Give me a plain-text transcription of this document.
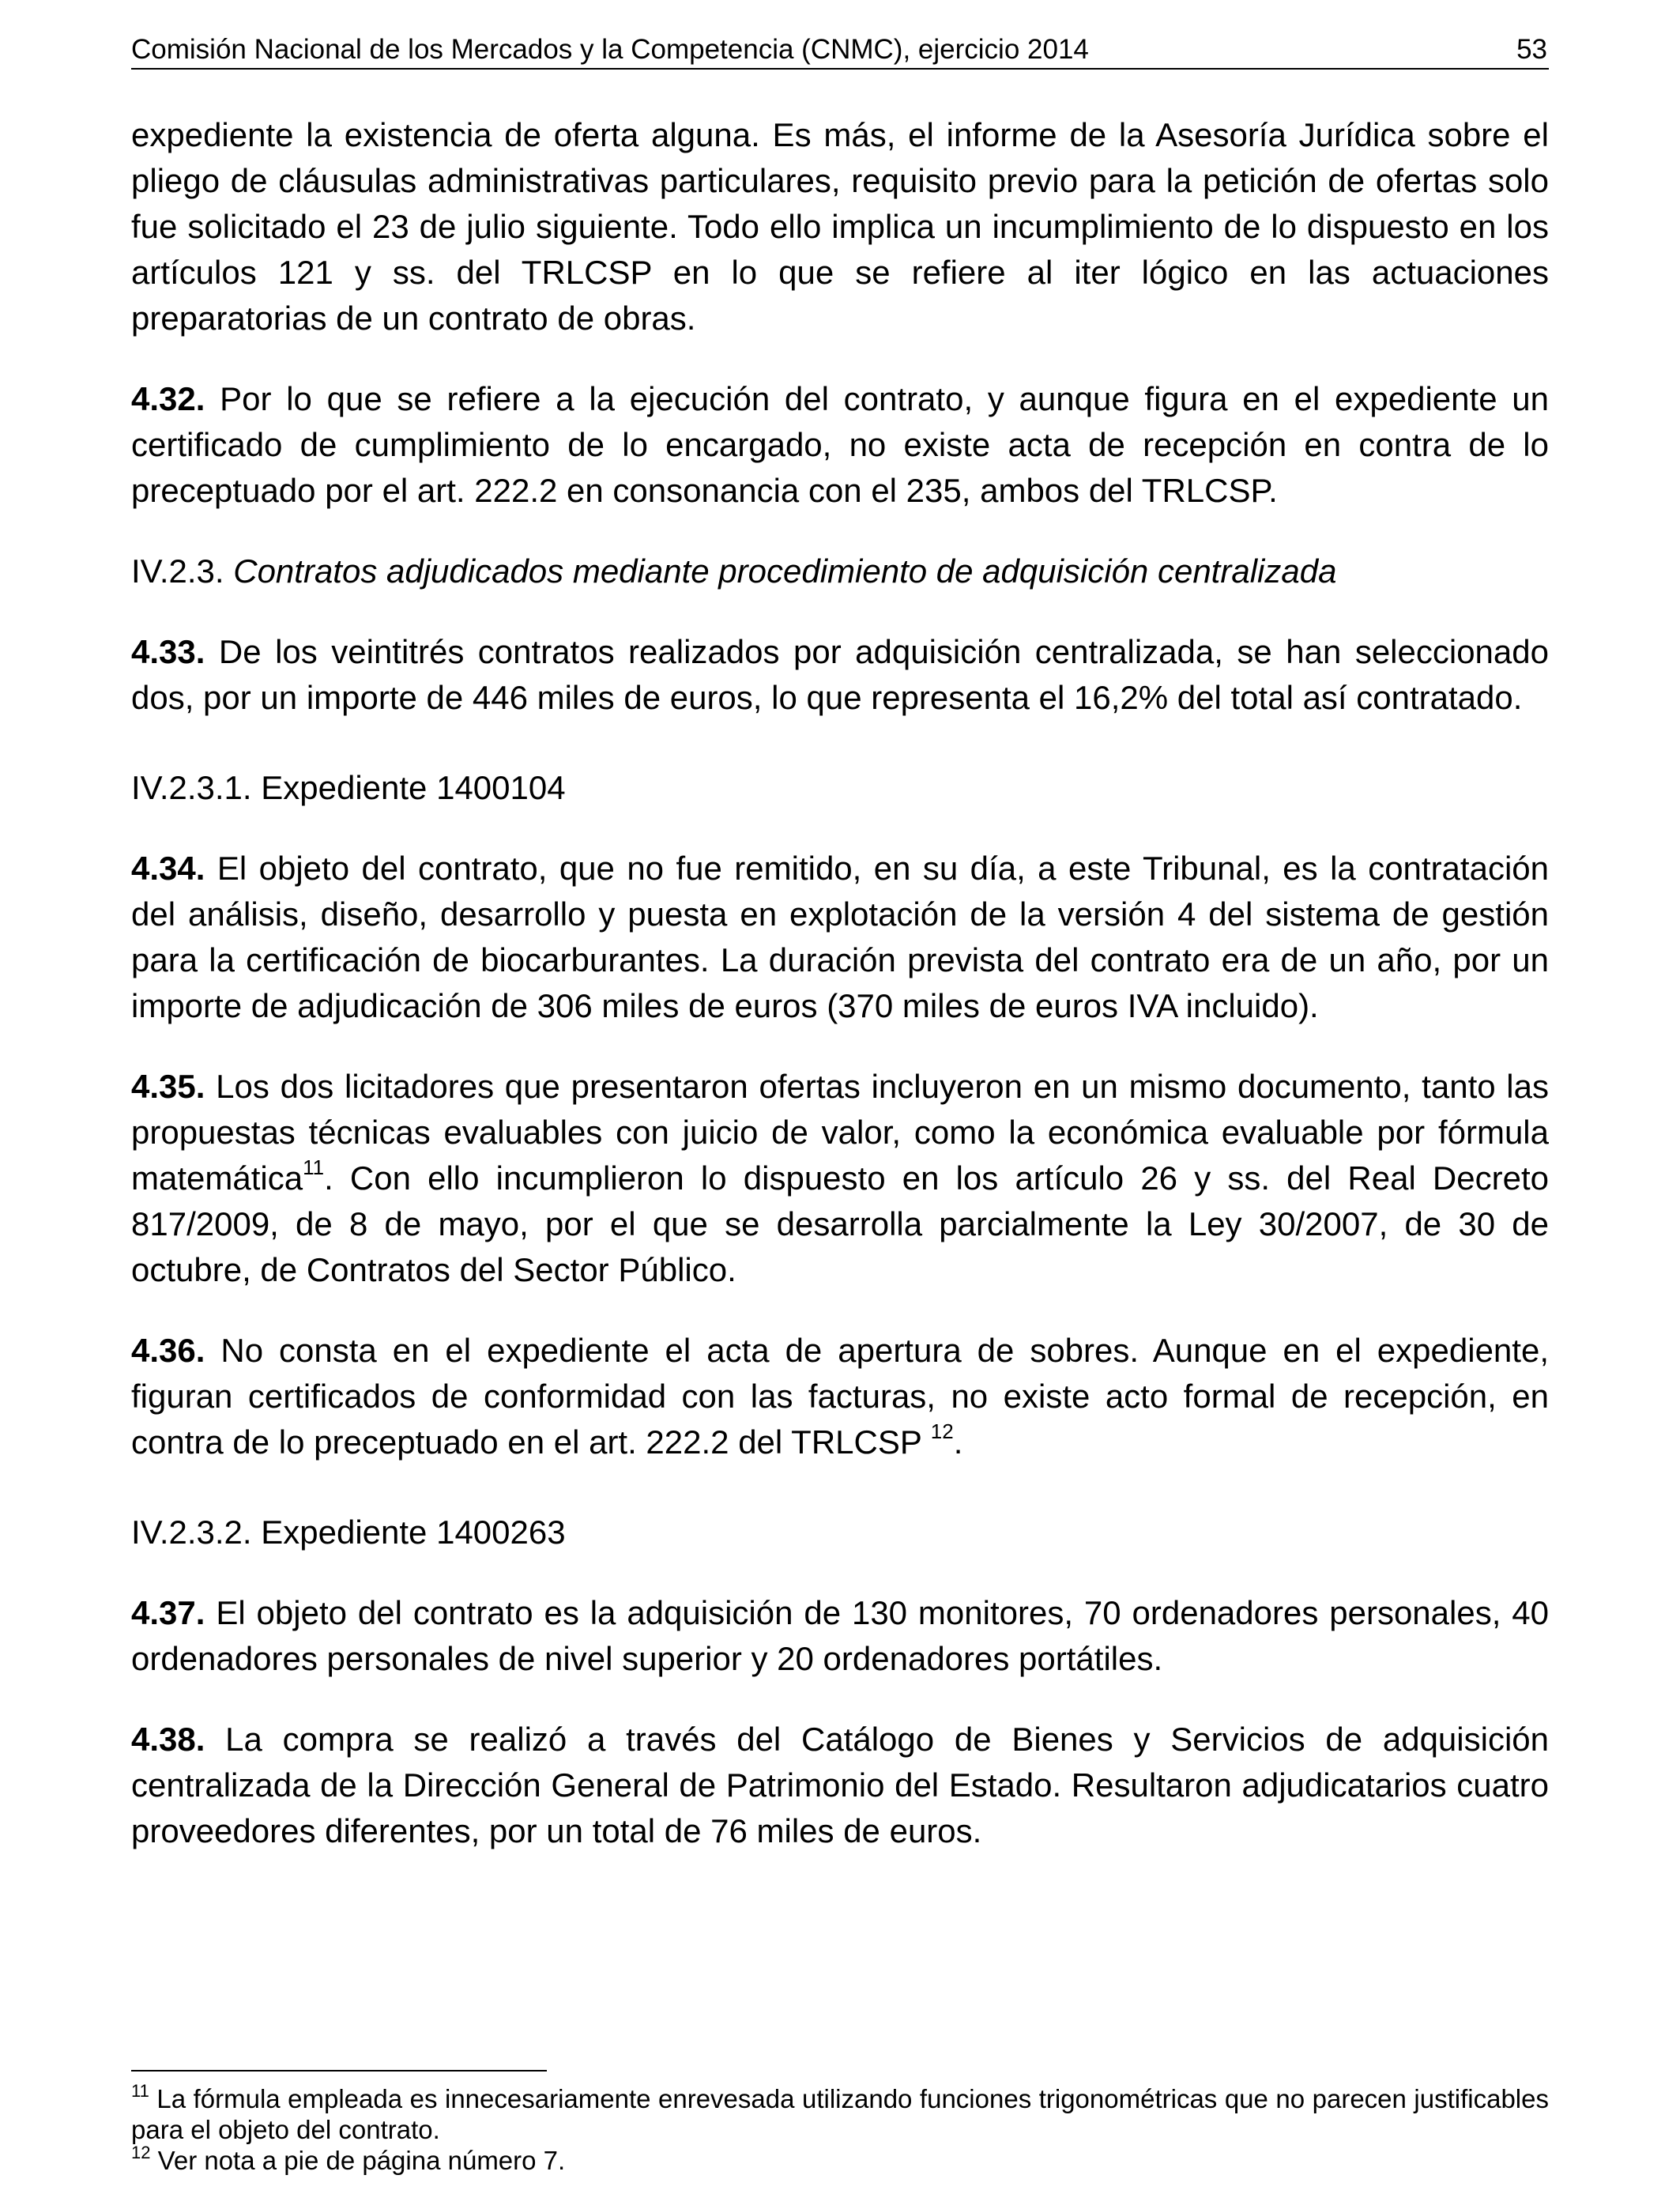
Comisión Nacional de los Mercados y la Competencia (CNMC), ejercicio 2014	53

expediente la existencia de oferta alguna. Es más, el informe de la Asesoría Jurídica sobre el pliego de cláusulas administrativas particulares, requisito previo para la petición de ofertas solo fue solicitado el 23 de julio siguiente. Todo ello implica un incumplimiento de lo dispuesto en los artículos 121 y ss. del TRLCSP en lo que se refiere al iter lógico en las actuaciones preparatorias de un contrato de obras.

4.32. Por lo que se refiere a la ejecución del contrato, y aunque figura en el expediente un certificado de cumplimiento de lo encargado, no existe acta de recepción en contra de lo preceptuado por el art. 222.2 en consonancia con el 235, ambos del TRLCSP.

IV.2.3. Contratos adjudicados mediante procedimiento de adquisición centralizada

4.33. De los veintitrés contratos realizados por adquisición centralizada, se han seleccionado dos, por un importe de 446 miles de euros, lo que representa el 16,2% del total así contratado.

IV.2.3.1. Expediente 1400104

4.34. El objeto del contrato, que no fue remitido, en su día, a este Tribunal, es la contratación del análisis, diseño, desarrollo y puesta en explotación de la versión 4 del sistema de gestión para la certificación de biocarburantes. La duración prevista del contrato era de un año, por un importe de adjudicación de 306 miles de euros (370 miles de euros IVA incluido).

4.35. Los dos licitadores que presentaron ofertas incluyeron en un mismo documento, tanto las propuestas técnicas evaluables con juicio de valor, como la económica evaluable por fórmula matemática$^{11}$. Con ello incumplieron lo dispuesto en los artículo 26 y ss. del Real Decreto 817/2009, de 8 de mayo, por el que se desarrolla parcialmente la Ley 30/2007, de 30 de octubre, de Contratos del Sector Público.

4.36. No consta en el expediente el acta de apertura de sobres. Aunque en el expediente, figuran certificados de conformidad con las facturas, no existe acto formal de recepción, en contra de lo preceptuado en el art. 222.2 del TRLCSP $^{12}$.

IV.2.3.2. Expediente 1400263

4.37. El objeto del contrato es la adquisición de 130 monitores, 70 ordenadores personales, 40 ordenadores personales de nivel superior y 20 ordenadores portátiles.

4.38. La compra se realizó a través del Catálogo de Bienes y Servicios de adquisición centralizada de la Dirección General de Patrimonio del Estado. Resultaron adjudicatarios cuatro proveedores diferentes, por un total de 76 miles de euros.

$^{11}$ La fórmula empleada es innecesariamente enrevesada utilizando funciones trigonométricas que no parecen justificables para el objeto del contrato.

$^{12}$ Ver nota a pie de página número 7.
